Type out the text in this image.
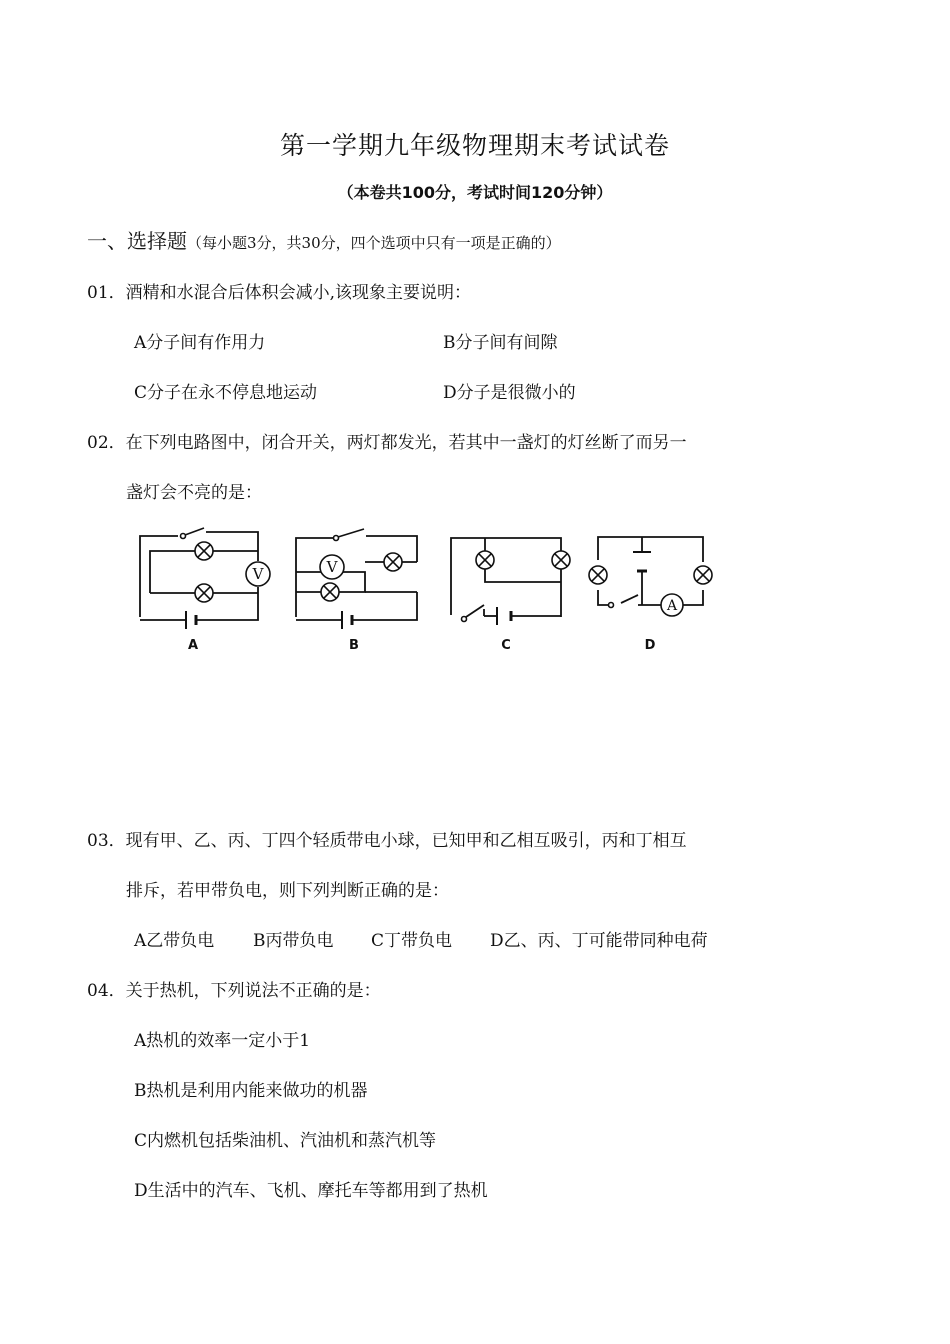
第一学期九年级物理期末考试试卷
（本卷共100分，考试时间120分钟）
一、选择题（每小题3分，共30分，四个选项中只有一项是正确的）
01．酒精和水混合后体积会减小,该现象主要说明：
A分子间有作用力	B分子间有间隙
C分子在永不停息地运动	D分子是很微小的
02．在下列电路图中，闭合开关，两灯都发光，若其中一盏灯的灯丝断了而另一
盏灯会不亮的是：
V	V
A
A	B	C	D
03．现有甲、乙、丙、丁四个轻质带电小球，已知甲和乙相互吸引，丙和丁相互
排斥，若甲带负电，则下列判断正确的是：
A乙带负电 B丙带负电 C丁带负电 D乙、丙、丁可能带同种电荷
04．关于热机，下列说法不正确的是：
A热机的效率一定小于1
B热机是利用内能来做功的机器
C内燃机包括柴油机、汽油机和蒸汽机等
D生活中的汽车、飞机、摩托车等都用到了热机
